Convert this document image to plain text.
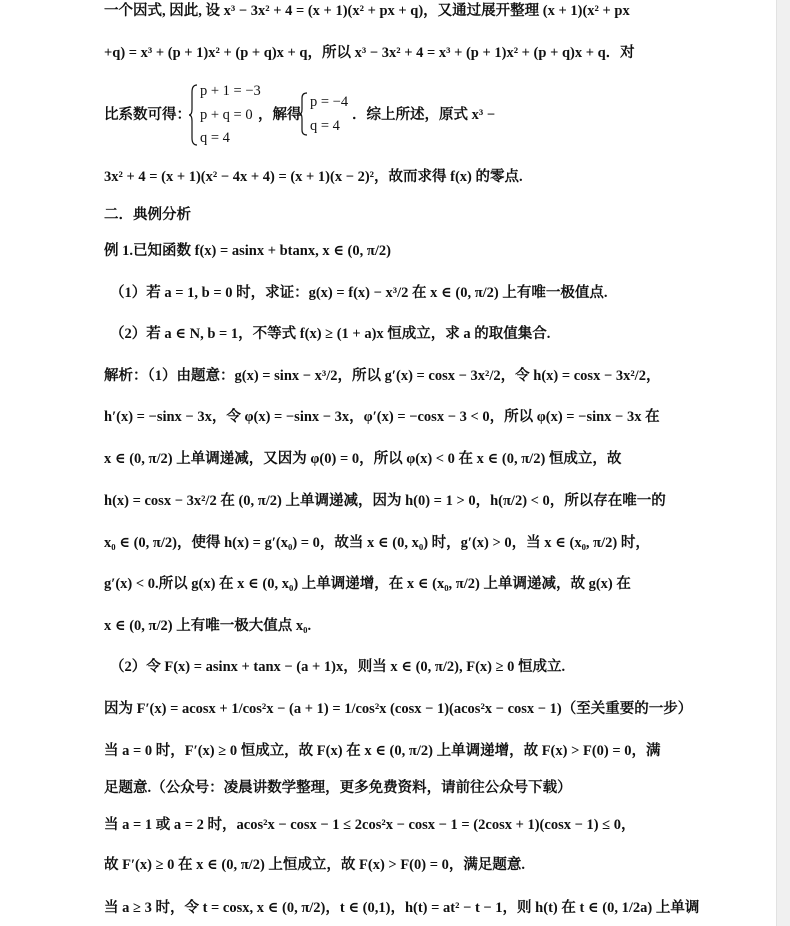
一个因式, 因此, 设 x³ − 3x² + 4 = (x + 1)(x² + px + q)，又通过展开整理 (x + 1)(x² + px
+q) = x³ + (p + 1)x² + (p + q)x + q，所以 x³ − 3x² + 4 = x³ + (p + 1)x² + (p + q)x + q．对
比系数可得：
p + 1 = −3
p + q = 0
q = 4
，解得
p = −4
q = 4
．综上所述，原式 x³ −
3x² + 4 = (x + 1)(x² − 4x + 4) = (x + 1)(x − 2)²，故而求得 f(x) 的零点.
二．典例分析
例 1.已知函数 f(x) = asinx + btanx, x ∈ (0, π/2)
（1）若 a = 1, b = 0 时，求证：g(x) = f(x) − x³/2 在 x ∈ (0, π/2) 上有唯一极值点.
（2）若 a ∈ N, b = 1，不等式 f(x) ≥ (1 + a)x 恒成立，求 a 的取值集合.
解析：（1）由题意：g(x) = sinx − x³/2，所以 g′(x) = cosx − 3x²/2，令 h(x) = cosx − 3x²/2，
h′(x) = −sinx − 3x，令 φ(x) = −sinx − 3x，φ′(x) = −cosx − 3 < 0，所以 φ(x) = −sinx − 3x 在
x ∈ (0, π/2) 上单调递减，又因为 φ(0) = 0，所以 φ(x) < 0 在 x ∈ (0, π/2) 恒成立，故
h(x) = cosx − 3x²/2 在 (0, π/2) 上单调递减，因为 h(0) = 1 > 0，h(π/2) < 0，所以存在唯一的
x₀ ∈ (0, π/2)，使得 h(x) = g′(x₀) = 0，故当 x ∈ (0, x₀) 时，g′(x) > 0，当 x ∈ (x₀, π/2) 时，
g′(x) < 0.所以 g(x) 在 x ∈ (0, x₀) 上单调递增，在 x ∈ (x₀, π/2) 上单调递减，故 g(x) 在
x ∈ (0, π/2) 上有唯一极大值点 x₀.
（2）令 F(x) = asinx + tanx − (a + 1)x，则当 x ∈ (0, π/2), F(x) ≥ 0 恒成立.
因为 F′(x) = acosx + 1/cos²x − (a + 1) = 1/cos²x (cosx − 1)(acos²x − cosx − 1)（至关重要的一步）
当 a = 0 时，F′(x) ≥ 0 恒成立，故 F(x) 在 x ∈ (0, π/2) 上单调递增，故 F(x) > F(0) = 0，满
足题意.（公众号：凌晨讲数学整理，更多免费资料，请前往公众号下载）
当 a = 1 或 a = 2 时，acos²x − cosx − 1 ≤ 2cos²x − cosx − 1 = (2cosx + 1)(cosx − 1) ≤ 0，
故 F′(x) ≥ 0 在 x ∈ (0, π/2) 上恒成立，故 F(x) > F(0) = 0，满足题意.
当 a ≥ 3 时，令 t = cosx, x ∈ (0, π/2)，t ∈ (0,1)，h(t) = at² − t − 1，则 h(t) 在 t ∈ (0, 1/2a) 上单调
